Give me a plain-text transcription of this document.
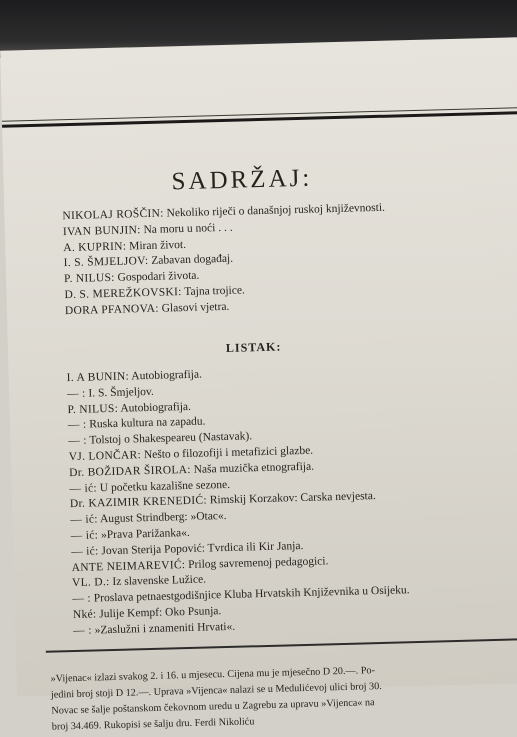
SADRŽAJ:
NIKOLAJ ROŠČIN: Nekoliko riječi o današnjoj ruskoj književnosti.
IVAN BUNJIN: Na moru u noći . . .
A. KUPRIN: Miran život.
I. S. ŠMJELJOV: Zabavan događaj.
P. NILUS: Gospodari života.
D. S. MEREŽKOVSKI: Tajna trojice.
DORA PFANOVA: Glasovi vjetra.
LISTAK:
I. A BUNIN: Autobiografija.
— : I. S. Šmjeljov.
P. NILUS: Autobiografija.
— : Ruska kultura na zapadu.
— : Tolstoj o Shakespeareu (Nastavak).
VJ. LONČAR: Nešto o filozofiji i metafizici glazbe.
Dr. BOŽIDAR ŠIROLA: Naša muzička etnografija.
— ić: U početku kazališne sezone.
Dr. KAZIMIR KRENEDIĆ: Rimskij Korzakov: Carska nevjesta.
— ić: August Strindberg: »Otac«.
— ić: »Prava Parižanka«.
— ić: Jovan Sterija Popović: Tvrdica ili Kir Janja.
ANTE NEIMAREVIĆ: Prilog savremenoj pedagogici.
VL. D.: Iz slavenske Lužice.
— : Proslava petnaestgodišnjice Kluba Hrvatskih Književnika u Osijeku.
Nké: Julije Kempf: Oko Psunja.
— : »Zaslužni i znameniti Hrvati«.
»Vijenac« izlazi svakog 2. i 16. u mjesecu. Cijena mu je mjesečno D 20.—. Po-
jedini broj stoji D 12.—. Uprava »Vijenca« nalazi se u Medulićevoj ulici broj 30.
Novac se šalje poštanskom čekovnom uredu u Zagrebu za upravu »Vijenca« na
broj 34.469. Rukopisi se šalju dru. Ferdi Nikoliću
